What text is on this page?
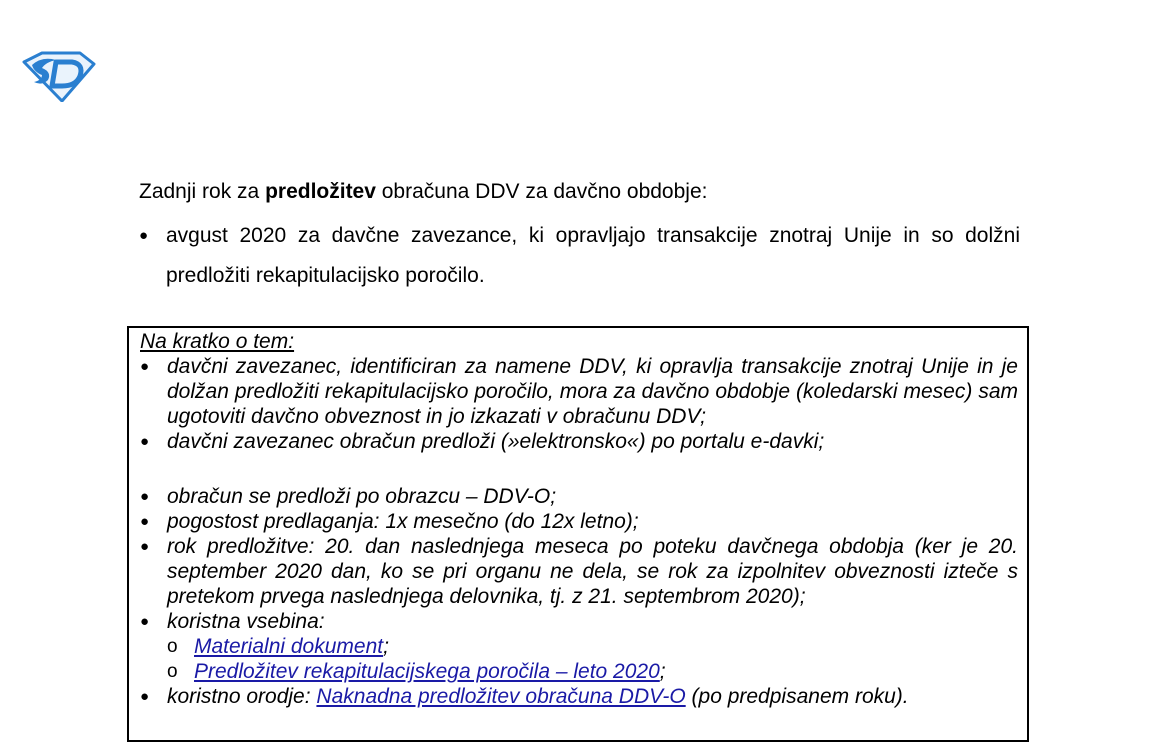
Zadnji rok za predložitev obračuna DDV za davčno obdobje:

● avgust 2020 za davčne zavezance, ki opravljajo transakcije znotraj Unije in so dolžni predložiti rekapitulacijsko poročilo.
Na kratko o tem:
● davčni zavezanec, identificiran za namene DDV, ki opravlja transakcije znotraj Unije in je dolžan predložiti rekapitulacijsko poročilo, mora za davčno obdobje (koledarski mesec) sam ugotoviti davčno obveznost in jo izkazati v obračunu DDV;
● davčni zavezanec obračun predloži (»elektronsko«) po portalu e-davki;
● obračun se predloži po obrazcu – DDV-O;
● pogostost predlaganja: 1x mesečno (do 12x letno);
● rok predložitve: 20. dan naslednjega meseca po poteku davčnega obdobja (ker je 20. september 2020 dan, ko se pri organu ne dela, se rok za izpolnitev obveznosti izteče s pretekom prvega naslednjega delovnika, tj. z 21. septembrom 2020);
● koristna vsebina:
o Materialni dokument;
o Predložitev rekapitulacijskega poročila – leto 2020;
● koristno orodje: Naknadna predložitev obračuna DDV-O (po predpisanem roku).
